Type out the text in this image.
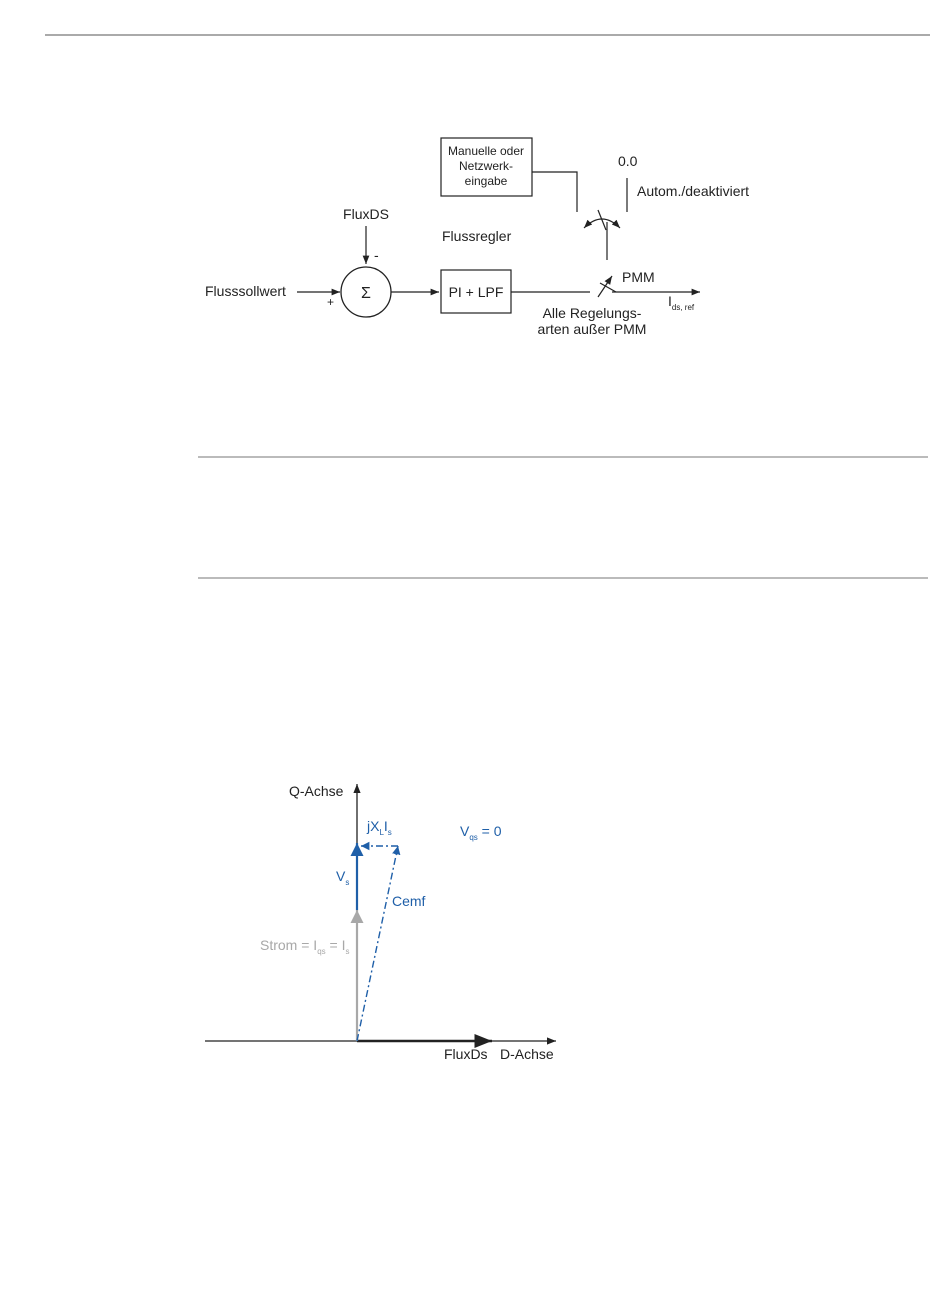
Manuelle oder
Netzwerk-
eingabe
0.0
Autom./deaktiviert
FluxDS
-
Flussregler
Flusssollwert
+ Σ	PI + LPF
PMM
$I_{ds, ref}$
Alle Regelungs-
arten außer PMM
Q-Achse
FluxDs D-Achse
Strom = $I_{qs} = I_s$
$V_s$
$jX_LI_s$
Cemf
$V_{qs} = 0$
